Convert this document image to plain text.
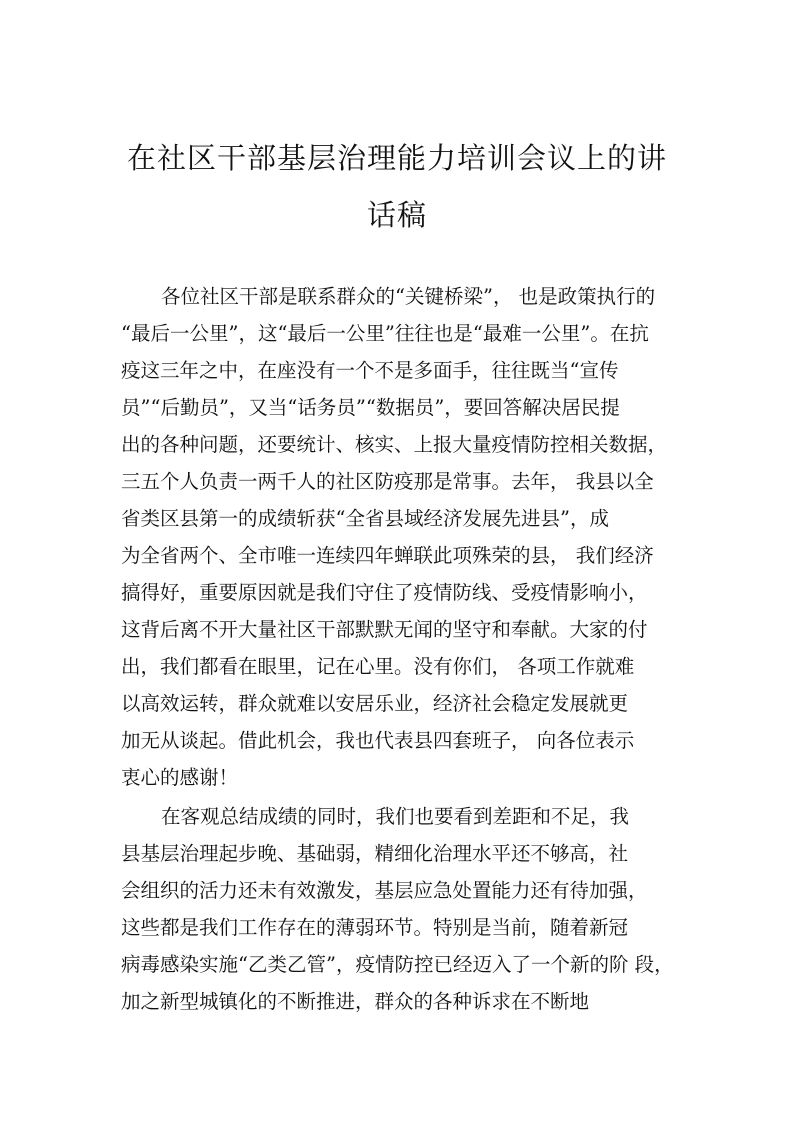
在社区干部基层治理能力培训会议上的讲
话稿

各位社区干部是联系群众的“关键桥梁”， 也是政策执行的

“最后一公里”，这“最后一公里”往往也是“最难一公里”。在抗

疫这三年之中，在座没有一个不是多面手，往往既当“宣传

员”“后勤员”，又当“话务员”“数据员”，要回答解决居民提

出的各种问题，还要统计、核实、上报大量疫情防控相关数据，

三五个人负责一两千人的社区防疫那是常事。去年， 我县以全

省类区县第一的成绩斩获“全省县域经济发展先进县”，成

为全省两个、全市唯一连续四年蝉联此项殊荣的县， 我们经济

搞得好，重要原因就是我们守住了疫情防线、受疫情影响小，

这背后离不开大量社区干部默默无闻的坚守和奉献。大家的付

出，我们都看在眼里，记在心里。没有你们， 各项工作就难

以高效运转，群众就难以安居乐业，经济社会稳定发展就更

加无从谈起。借此机会，我也代表县四套班子， 向各位表示

衷心的感谢！

在客观总结成绩的同时，我们也要看到差距和不足，我

县基层治理起步晚、基础弱，精细化治理水平还不够高，社

会组织的活力还未有效激发，基层应急处置能力还有待加强，

这些都是我们工作存在的薄弱环节。特别是当前，随着新冠

病毒感染实施“乙类乙管”，疫情防控已经迈入了一个新的阶 段，

加之新型城镇化的不断推进，群众的各种诉求在不断地
